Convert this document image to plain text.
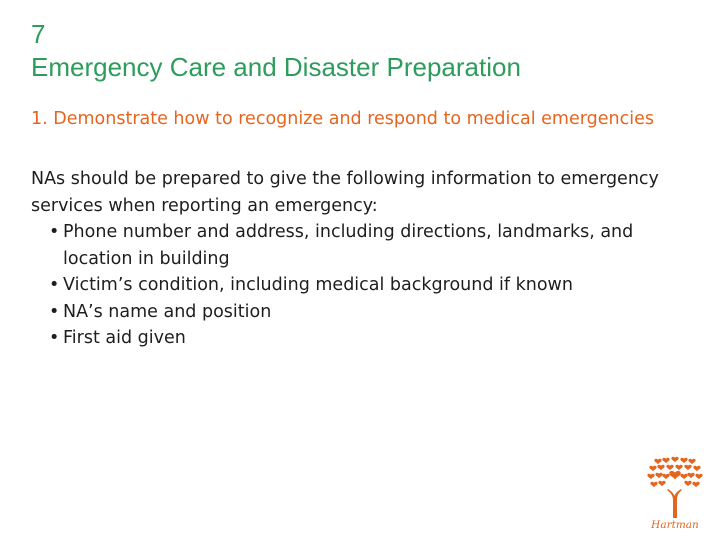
7
Emergency Care and Disaster Preparation
1. Demonstrate how to recognize and respond to medical emergencies

NAs should be prepared to give the following information to emergency services when reporting an emergency:

• Phone number and address, including directions, landmarks, and location in building
• Victim’s condition, including medical background if known
• NA’s name and position
• First aid given
Hartman
